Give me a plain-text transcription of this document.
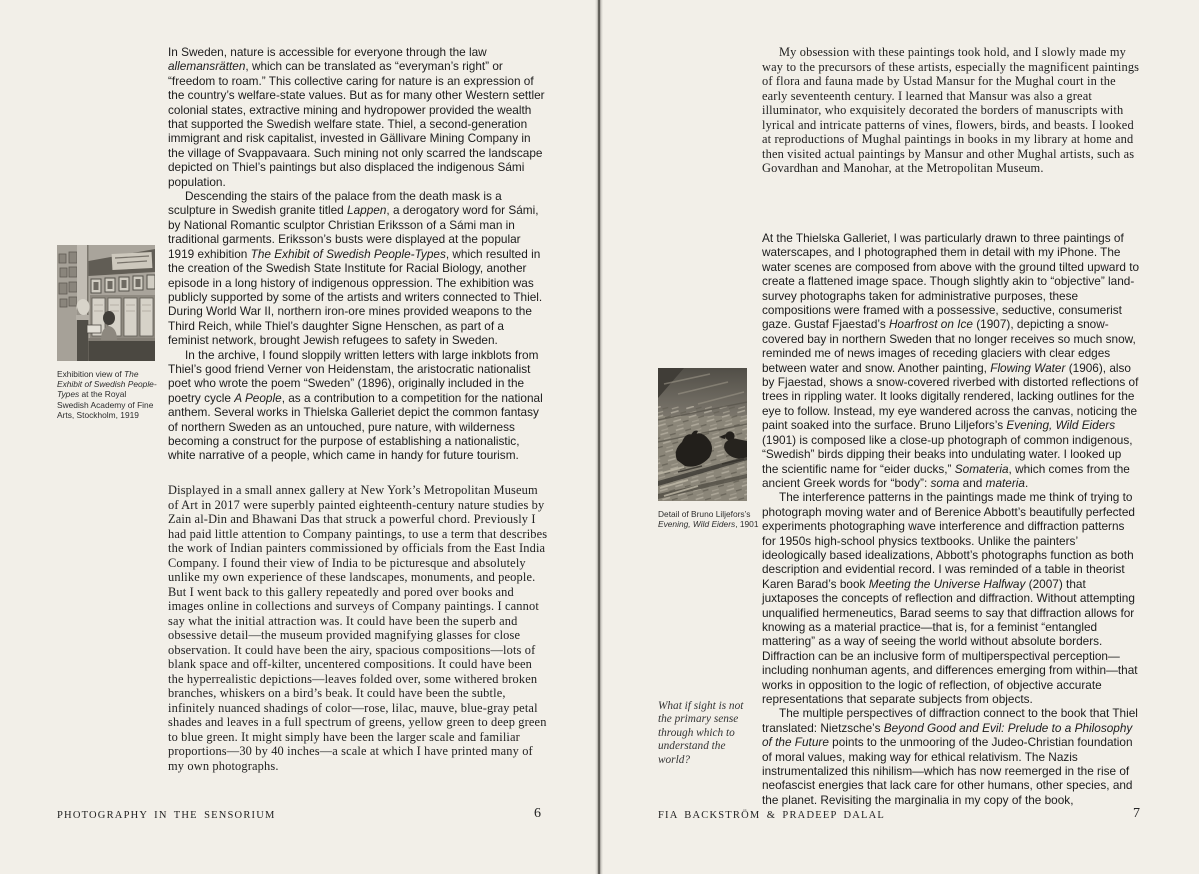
Exhibition view of The Exhibit of Swedish People-Types at the Royal Swedish Academy of Fine Arts, Stockholm, 1919

In Sweden, nature is accessible for everyone through the law allemansrätten, which can be translated as “everyman’s right” or “freedom to roam.” This collective caring for nature is an expression of the country’s welfare-state values. But as for many other Western settler colonial states, extractive mining and hydropower provided the wealth that supported the Swedish welfare state. Thiel, a second-generation immigrant and risk capitalist, invested in Gällivare Mining Company in the village of Svappavaara. Such mining not only scarred the landscape depicted on Thiel’s paintings but also displaced the indigenous Sámi population.

Descending the stairs of the palace from the death mask is a sculpture in Swedish granite titled Lappen, a derogatory word for Sámi, by National Romantic sculptor Christian Eriksson of a Sámi man in traditional garments. Eriksson’s busts were displayed at the popular 1919 exhibition The Exhibit of Swedish People-Types, which resulted in the creation of the Swedish State Institute for Racial Biology, another episode in a long history of indigenous oppression. The exhibition was publicly supported by some of the artists and writers connected to Thiel. During World War II, northern iron-ore mines provided weapons to the Third Reich, while Thiel’s daughter Signe Henschen, as part of a feminist network, brought Jewish refugees to safety in Sweden.

In the archive, I found sloppily written letters with large inkblots from Thiel’s good friend Verner von Heidenstam, the aristocratic nationalist poet who wrote the poem “Sweden” (1896), originally included in the poetry cycle A People, as a contribution to a competition for the national anthem. Several works in Thielska Galleriet depict the common fantasy of northern Sweden as an untouched, pure nature, with wilderness becoming a construct for the purpose of establishing a nationalistic, white narrative of a people, which came in handy for future tourism.

Displayed in a small annex gallery at New York’s Metropolitan Museum of Art in 2017 were superbly painted eighteenth-century nature studies by Zain al-Din and Bhawani Das that struck a powerful chord. Previously I had paid little attention to Company paintings, to use a term that describes the work of Indian painters commissioned by officials from the East India Company. I found their view of India to be picturesque and absolutely unlike my own experience of these landscapes, monuments, and people. But I went back to this gallery repeatedly and pored over books and images online in collections and surveys of Company paintings. I cannot say what the initial attraction was. It could have been the superb and obsessive detail—the museum provided magnifying glasses for close observation. It could have been the airy, spacious compositions—lots of blank space and off-kilter, uncentered compositions. It could have been the hyperrealistic depictions—leaves folded over, some withered broken branches, whiskers on a bird’s beak. It could have been the subtle, infinitely nuanced shadings of color—rose, lilac, mauve, blue-gray petal shades and leaves in a full spectrum of greens, yellow green to deep green to blue green. It might simply have been the larger scale and familiar proportions—30 by 40 inches—a scale at which I have printed many of my own photographs.

PHOTOGRAPHY IN THE SENSORIUM	6
Detail of Bruno Liljefors’s Evening, Wild Eiders, 1901

My obsession with these paintings took hold, and I slowly made my way to the precursors of these artists, especially the magnificent paintings of flora and fauna made by Ustad Mansur for the Mughal court in the early seventeenth century. I learned that Mansur was also a great illuminator, who exquisitely decorated the borders of manuscripts with lyrical and intricate patterns of vines, flowers, birds, and beasts. I looked at reproductions of Mughal paintings in books in my library at home and then visited actual paintings by Mansur and other Mughal artists, such as Govardhan and Manohar, at the Metropolitan Museum.

At the Thielska Galleriet, I was particularly drawn to three paintings of waterscapes, and I photographed them in detail with my iPhone. The water scenes are composed from above with the ground tilted upward to create a flattened image space. Though slightly akin to “objective” land-survey photographs taken for administrative purposes, these compositions were framed with a possessive, seductive, consumerist gaze. Gustaf Fjaestad’s Hoarfrost on Ice (1907), depicting a snow-covered bay in northern Sweden that no longer receives so much snow, reminded me of news images of receding glaciers with clear edges between water and snow. Another painting, Flowing Water (1906), also by Fjaestad, shows a snow-covered riverbed with distorted reflections of trees in rippling water. It looks digitally rendered, lacking outlines for the eye to follow. Instead, my eye wandered across the canvas, noticing the paint soaked into the surface. Bruno Liljefors’s Evening, Wild Eiders (1901) is composed like a close-up photograph of common indigenous, “Swedish” birds dipping their beaks into undulating water. I looked up the scientific name for “eider ducks,” Somateria, which comes from the ancient Greek words for “body”: soma and materia.

The interference patterns in the paintings made me think of trying to photograph moving water and of Berenice Abbott’s beautifully perfected experiments photographing wave interference and diffraction patterns for 1950s high-school physics textbooks. Unlike the painters’ ideologically based idealizations, Abbott’s photographs function as both description and evidential record. I was reminded of a table in theorist Karen Barad’s book Meeting the Universe Halfway (2007) that juxtaposes the concepts of reflection and diffraction. Without attempting unqualified hermeneutics, Barad seems to say that diffraction allows for knowing as a material practice—that is, for a feminist “entangled mattering” as a way of seeing the world without absolute borders. Diffraction can be an inclusive form of multiperspectival perception—including nonhuman agents, and differences emerging from within—that works in opposition to the logic of reflection, of objective accurate representations that separate subjects from objects.

The multiple perspectives of diffraction connect to the book that Thiel translated: Nietzsche’s Beyond Good and Evil: Prelude to a Philosophy of the Future points to the unmooring of the Judeo-Christian foundation of moral values, making way for ethical relativism. The Nazis instrumentalized this nihilism—which has now reemerged in the rise of neofascist energies that lack care for other humans, other species, and the planet. Revisiting the marginalia in my copy of the book,

What if sight is not the primary sense through which to understand the world?
FIA BACKSTRÖM & PRADEEP DALAL	7
